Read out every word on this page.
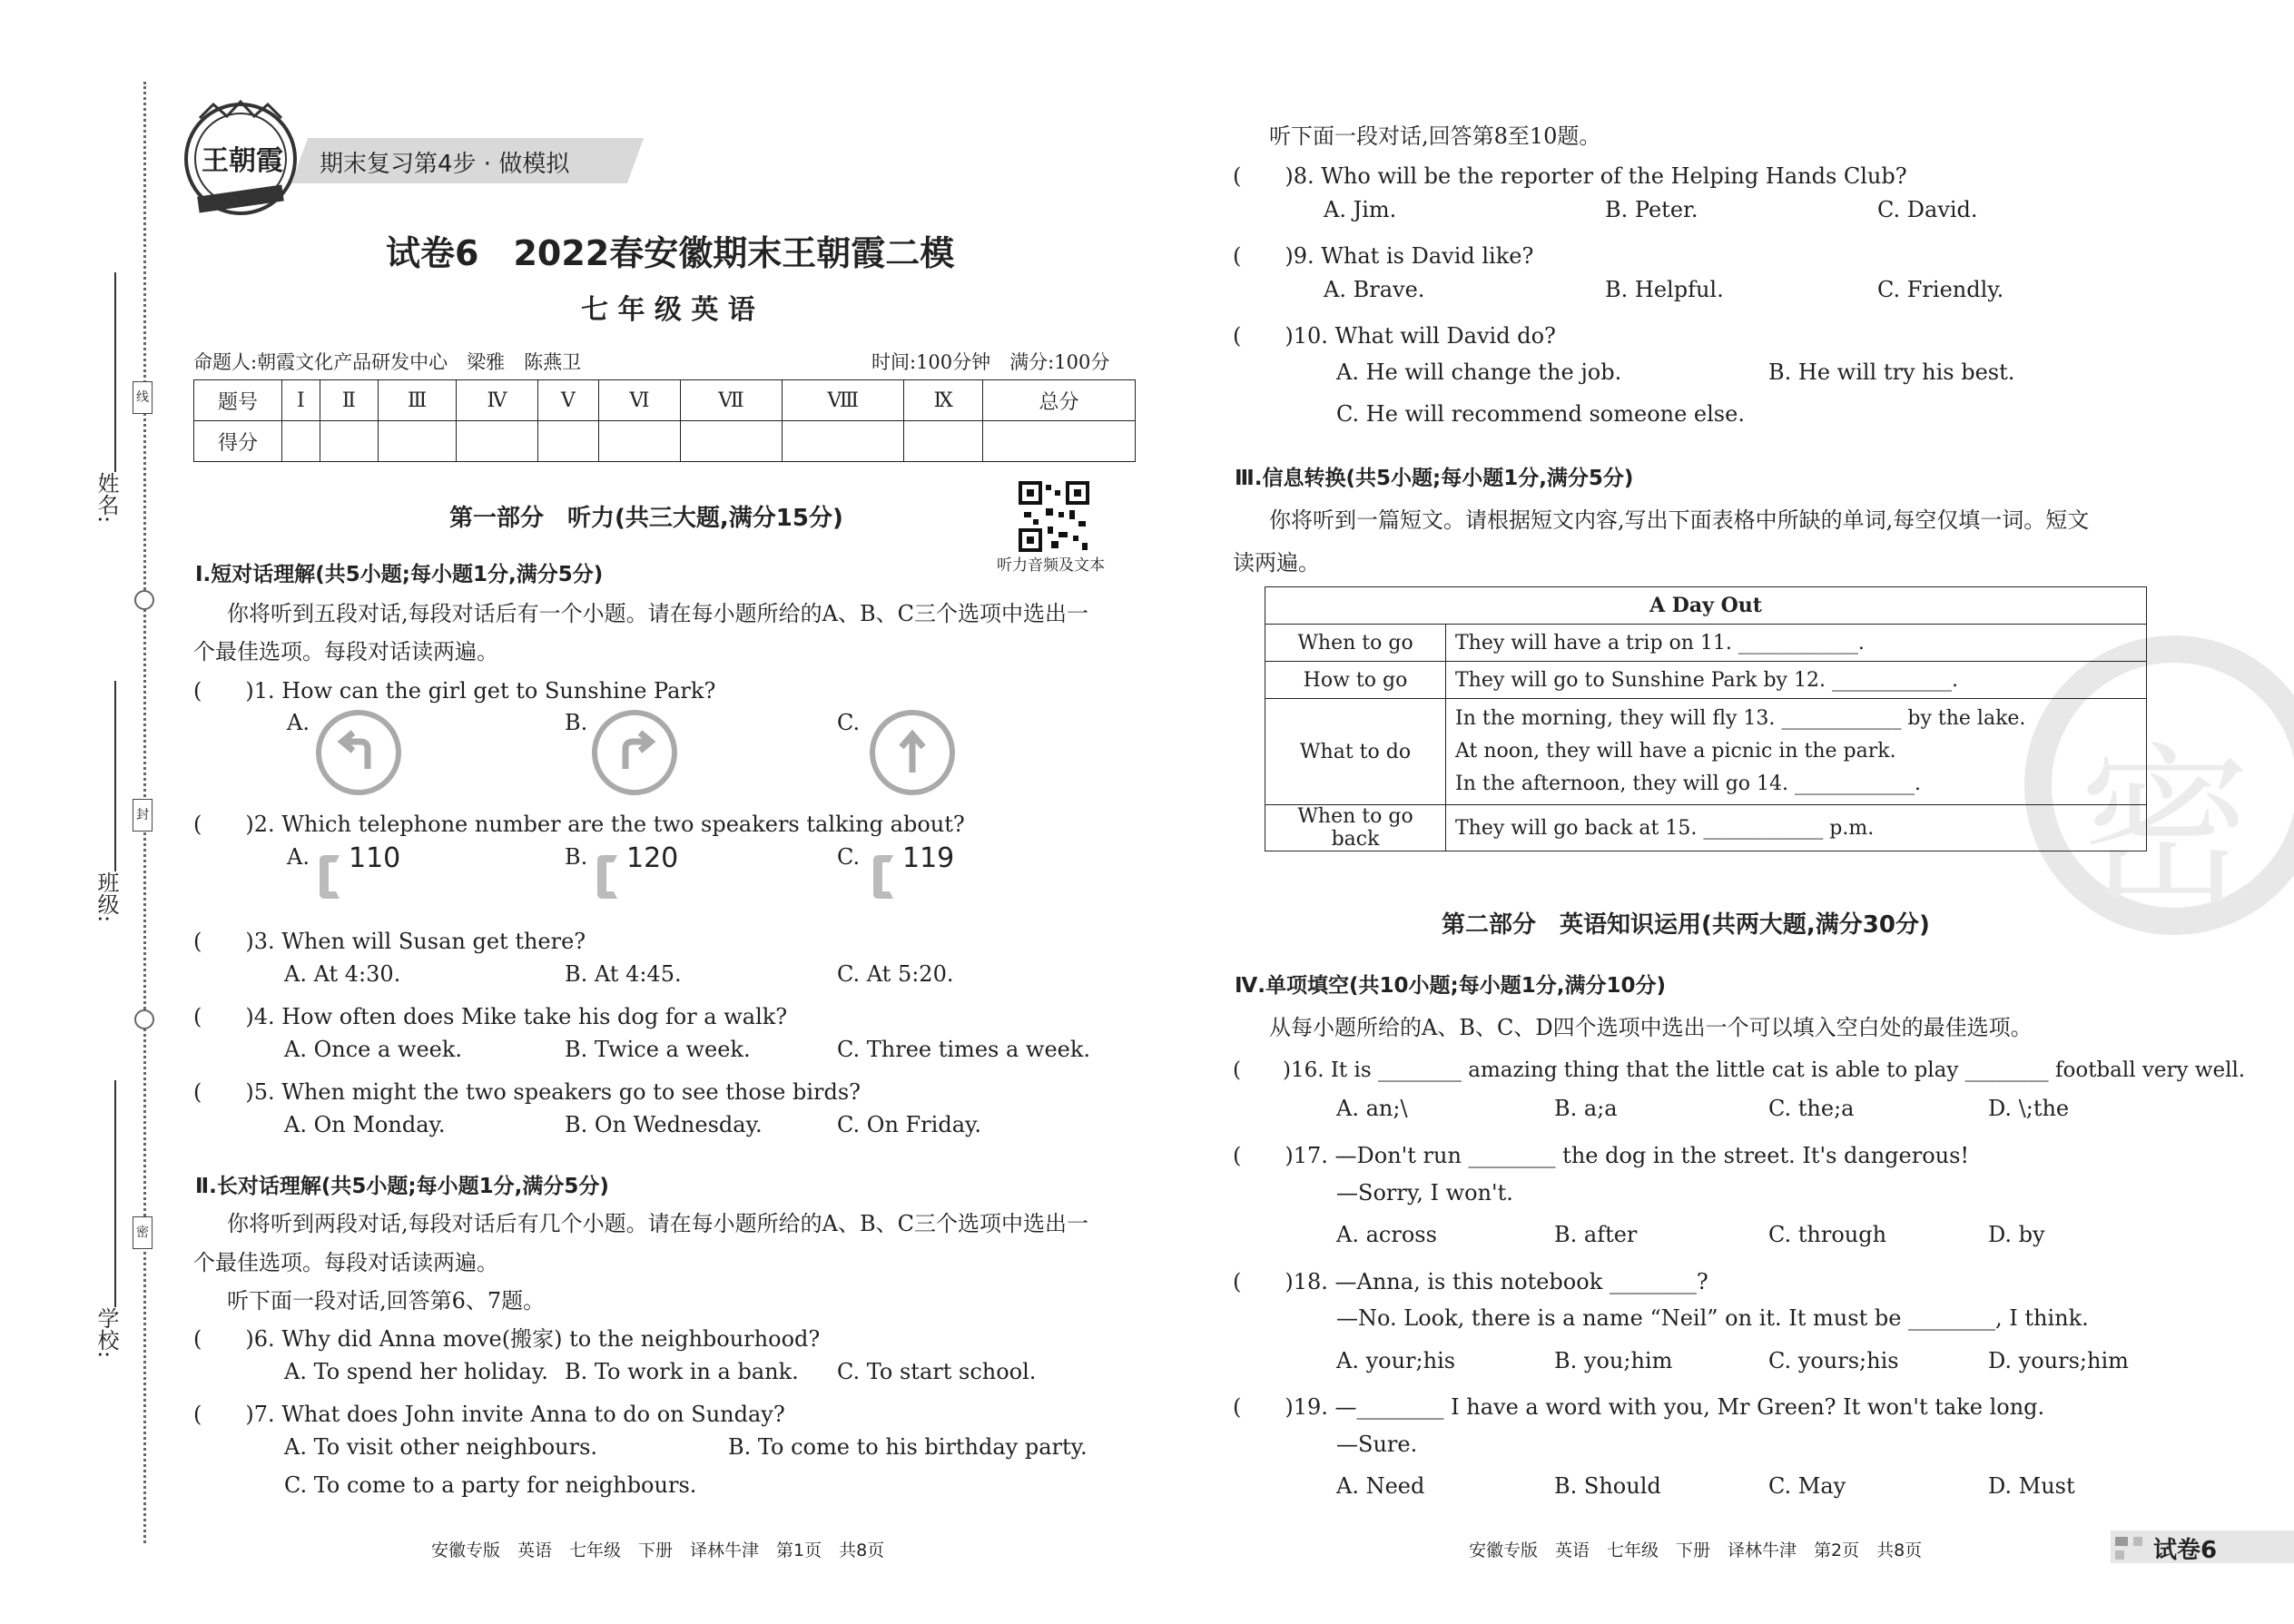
姓名:
线
班级:
封
学校:
密
王朝霞 期末复习第4步 · 做模拟
试卷6　2022春安徽期末王朝霞二模
七 年 级 英 语
命题人:朝霞文化产品研发中心　梁雅　陈燕卫	时间:100分钟　满分:100分
题号	Ⅰ	Ⅱ	Ⅲ	Ⅳ	Ⅴ	Ⅵ	Ⅶ	Ⅷ	Ⅸ	总分
得分										
第一部分　听力(共三大题,满分15分)
听力音频及文本
Ⅰ.短对话理解(共5小题;每小题1分,满分5分)
你将听到五段对话,每段对话后有一个小题。请在每小题所给的A、B、C三个选项中选出一
个最佳选项。每段对话读两遍。
(　　)1. How can the girl get to Sunshine Park?
A.	B.	C.
(　　)2. Which telephone number are the two speakers talking about?
A. 110	B. 120	C. 119
(　　)3. When will Susan get there?
A. At 4:30.	B. At 4:45.	C. At 5:20.
(　　)4. How often does Mike take his dog for a walk?
A. Once a week.	B. Twice a week.	C. Three times a week.
(　　)5. When might the two speakers go to see those birds?
A. On Monday.	B. On Wednesday.	C. On Friday.
Ⅱ.长对话理解(共5小题;每小题1分,满分5分)
你将听到两段对话,每段对话后有几个小题。请在每小题所给的A、B、C三个选项中选出一
个最佳选项。每段对话读两遍。
听下面一段对话,回答第6、7题。
(　　)6. Why did Anna move(搬家) to the neighbourhood?
A. To spend her holiday. B. To work in a bank. C. To start school.
(　　)7. What does John invite Anna to do on Sunday?
A. To visit other neighbours.	B. To come to his birthday party.
C. To come to a party for neighbours.
安徽专版　英语　七年级　下册　译林牛津　第1页　共8页
听下面一段对话,回答第8至10题。
(　　)8. Who will be the reporter of the Helping Hands Club?
A. Jim.	B. Peter.	C. David.
(　　)9. What is David like?
A. Brave.	B. Helpful.	C. Friendly.
(　　)10. What will David do?
A. He will change the job.	B. He will try his best.
C. He will recommend someone else.
Ⅲ.信息转换(共5小题;每小题1分,满分5分)
你将听到一篇短文。请根据短文内容,写出下面表格中所缺的单词,每空仅填一词。短文
读两遍。
密
A Day Out	
When to go	They will have a trip on 11. ____________.
How to go	They will go to Sunshine Park by 12. ____________.
What to do	In the morning, they will fly 13. ____________ by the lake.
At noon, they will have a picnic in the park.
In the afternoon, they will go 14. ____________.

When to go back	They will go back at 15. ____________ p.m.
第二部分　英语知识运用(共两大题,满分30分)
Ⅳ.单项填空(共10小题;每小题1分,满分10分)
从每小题所给的A、B、C、D四个选项中选出一个可以填入空白处的最佳选项。
(　　)16. It is ________ amazing thing that the little cat is able to play ________ football very well.
A. an;\	B. a;a	C. the;a	D. \;the
(　　)17. —Don't run ________ the dog in the street. It's dangerous!
—Sorry, I won't.
A. across	B. after	C. through	D. by
(　　)18. —Anna, is this notebook ________?
—No. Look, there is a name “Neil” on it. It must be ________, I think.
A. your;his	B. you;him	C. yours;his	D. yours;him
(　　)19. —________ I have a word with you, Mr Green? It won't take long.
—Sure.
A. Need	B. Should	C. May	D. Must
安徽专版　英语　七年级　下册　译林牛津　第2页　共8页	试卷6
